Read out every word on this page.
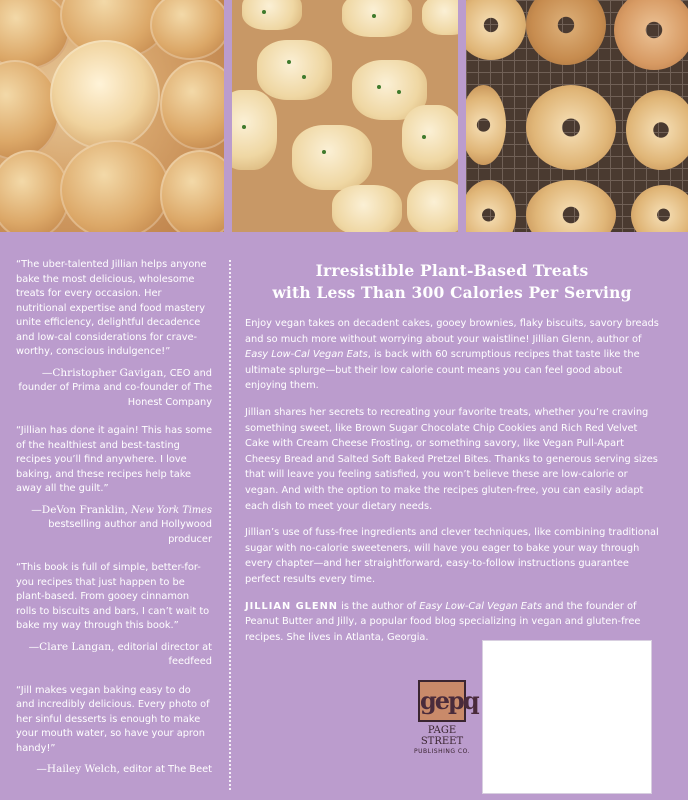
“The uber-talented Jillian helps anyone bake the most delicious, wholesome treats for every occasion. Her nutritional expertise and food mastery unite efficiency, delightful decadence and low-cal considerations for crave-worthy, conscious indulgence!”

—Christopher Gavigan, CEO and founder of Prima and co-founder of The Honest Company

“Jillian has done it again! This has some of the healthiest and best-tasting recipes you’ll find anywhere. I love baking, and these recipes help take away all the guilt.”

—DeVon Franklin, New York Times bestselling author and Hollywood producer

“This book is full of simple, better-for-you recipes that just happen to be plant-based. From gooey cinnamon rolls to biscuits and bars, I can’t wait to bake my way through this book.”

—Clare Langan, editorial director at feedfeed

“Jill makes vegan baking easy to do and incredibly delicious. Every photo of her sinful desserts is enough to make your mouth water, so have your apron handy!”

—Hailey Welch, editor at The Beet
Irresistible Plant-Based Treats
with Less Than 300 Calories Per Serving

Enjoy vegan takes on decadent cakes, gooey brownies, flaky biscuits, savory breads and so much more without worrying about your waistline! Jillian Glenn, author of Easy Low-Cal Vegan Eats, is back with 60 scrumptious recipes that taste like the ultimate splurge—but their low calorie count means you can feel good about enjoying them.

Jillian shares her secrets to recreating your favorite treats, whether you’re craving something sweet, like Brown Sugar Chocolate Chip Cookies and Rich Red Velvet Cake with Cream Cheese Frosting, or something savory, like Vegan Pull-Apart Cheesy Bread and Salted Soft Baked Pretzel Bites. Thanks to generous serving sizes that will leave you feeling satisfied, you won’t believe these are low-calorie or vegan. And with the option to make the recipes gluten-free, you can easily adapt each dish to meet your dietary needs.

Jillian’s use of fuss-free ingredients and clever techniques, like combining traditional sugar with no-calorie sweeteners, will have you eager to bake your way through every chapter—and her straightforward, easy-to-follow instructions guarantee perfect results every time.

JILLIAN GLENN is the author of Easy Low-Cal Vegan Eats and the founder of Peanut Butter and Jilly, a popular food blog specializing in vegan and gluten-free recipes. She lives in Atlanta, Georgia.

gepq
PAGE STREET
PUBLISHING CO.
